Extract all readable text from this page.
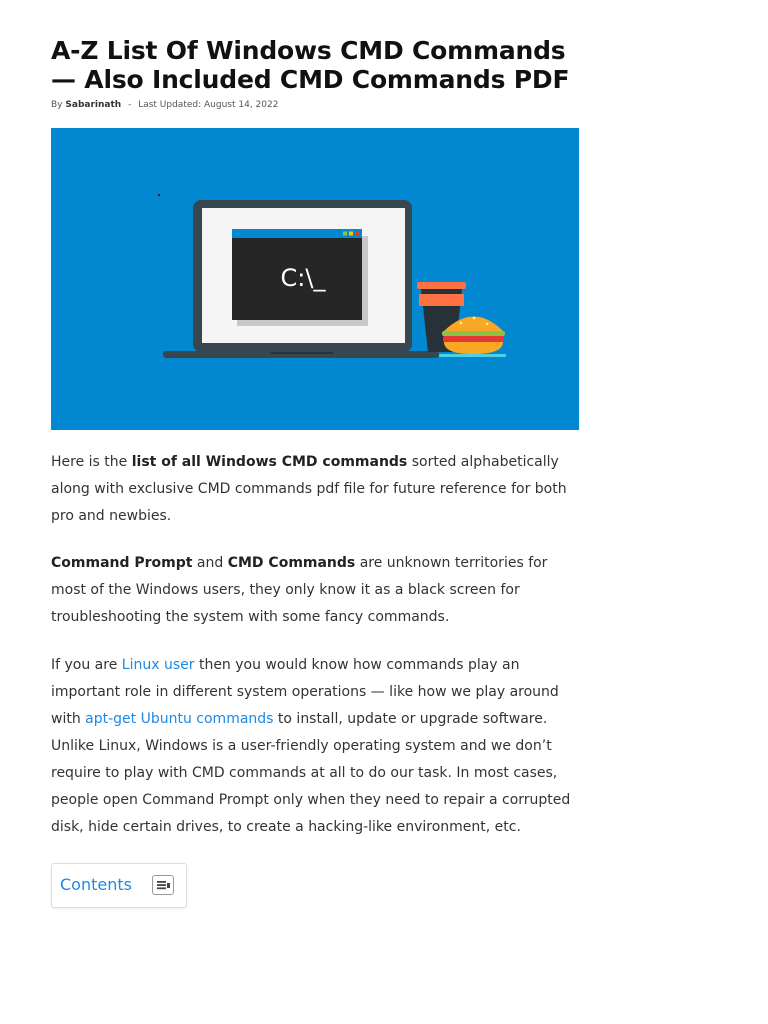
A-Z List Of Windows CMD Commands
— Also Included CMD Commands PDF
By Sabarinath - Last Updated: August 14, 2022
C:\_

Here is the list of all Windows CMD commands sorted alphabetically along with exclusive CMD commands pdf file for future reference for both pro and newbies.

Command Prompt and CMD Commands are unknown territories for most of the Windows users, they only know it as a black screen for troubleshooting the system with some fancy commands.

If you are Linux user then you would know how commands play an important role in different system operations — like how we play around with apt-get Ubuntu commands to install, update or upgrade software. Unlike Linux, Windows is a user-friendly operating system and we don’t require to play with CMD commands at all to do our task. In most cases, people open Command Prompt only when they need to repair a corrupted disk, hide certain drives, to create a hacking-like environment, etc.

Contents
